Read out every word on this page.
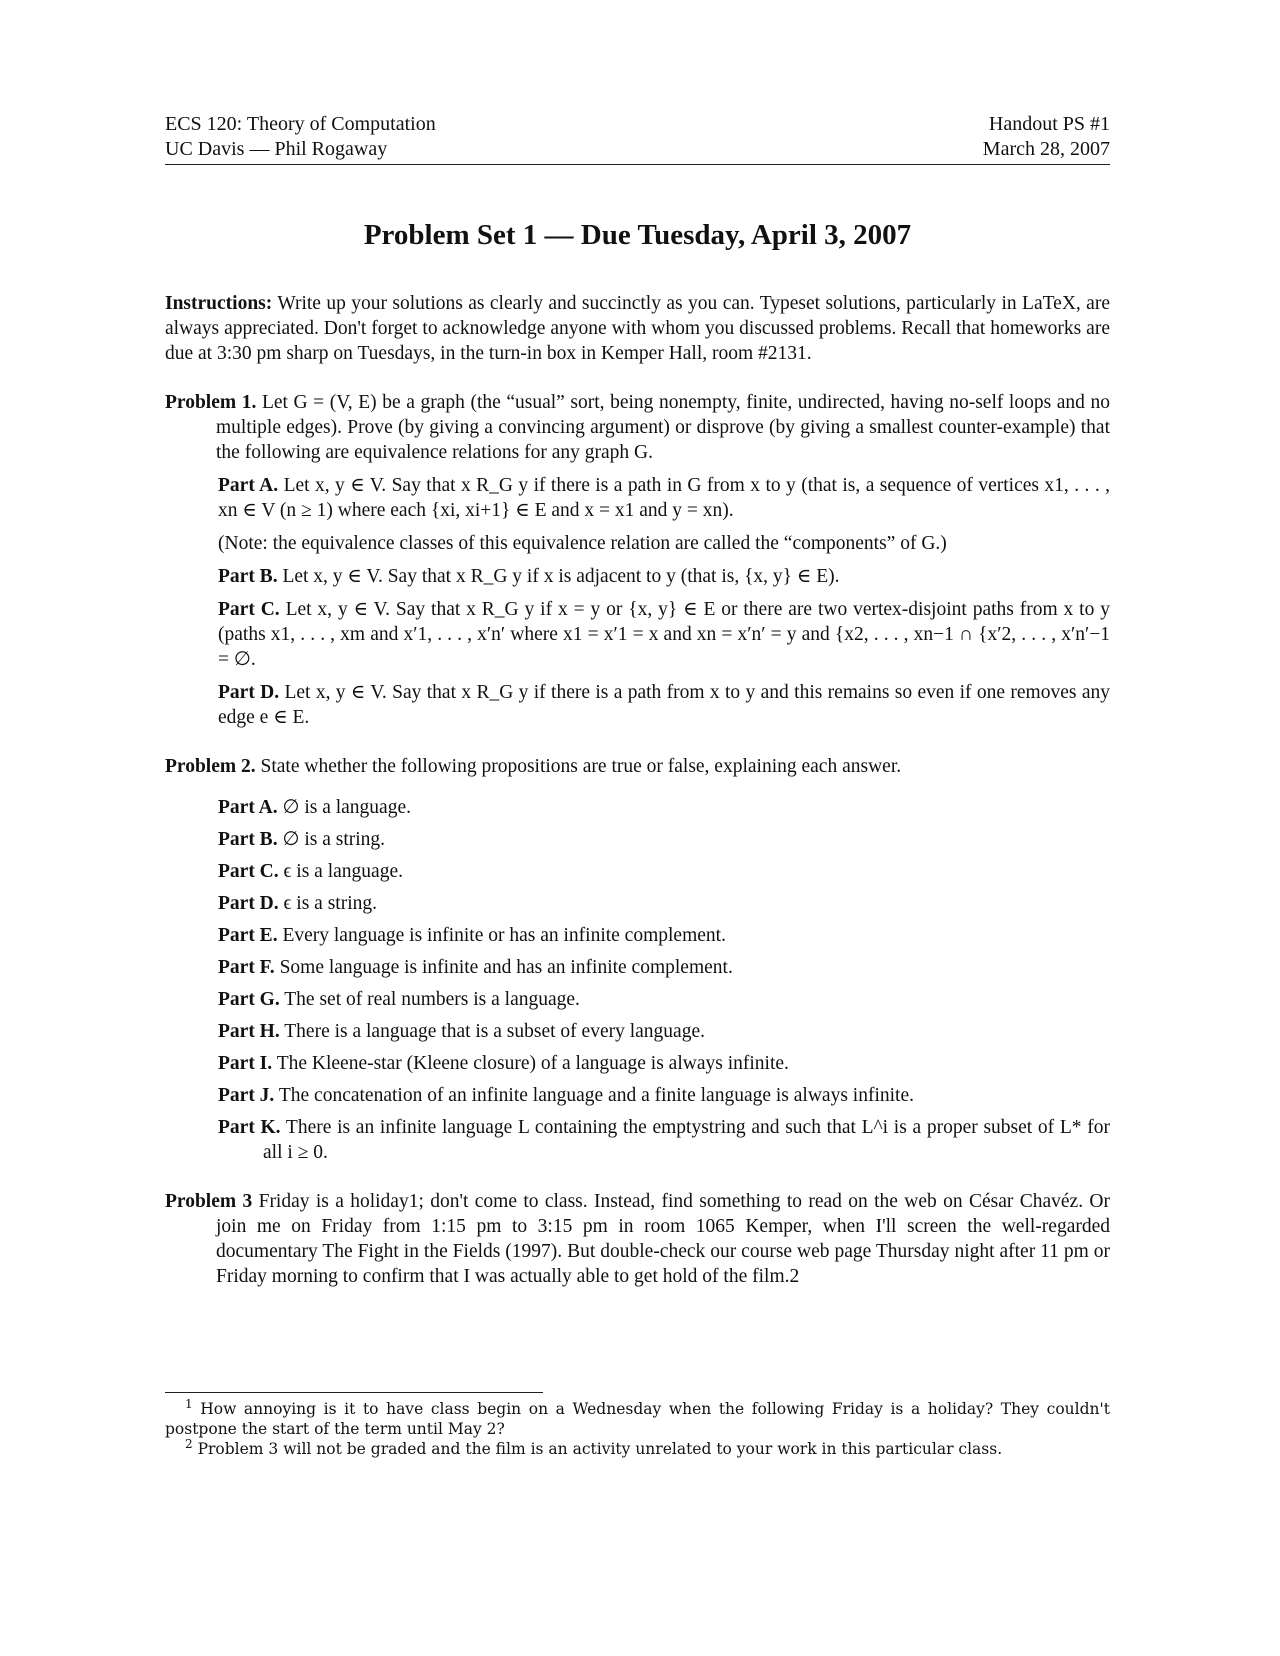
ECS 120: Theory of Computation
UC Davis — Phil Rogaway
Handout PS #1
March 28, 2007
Problem Set 1 — Due Tuesday, April 3, 2007
Instructions: Write up your solutions as clearly and succinctly as you can. Typeset solutions, particularly in LaTeX, are always appreciated. Don't forget to acknowledge anyone with whom you discussed problems. Recall that homeworks are due at 3:30 pm sharp on Tuesdays, in the turn-in box in Kemper Hall, room #2131.
Problem 1. Let G = (V, E) be a graph (the “usual” sort, being nonempty, finite, undirected, having no-self loops and no multiple edges). Prove (by giving a convincing argument) or disprove (by giving a smallest counter-example) that the following are equivalence relations for any graph G.
Part A. Let x, y ∈ V. Say that x R_G y if there is a path in G from x to y (that is, a sequence of vertices x1, . . . , xn ∈ V (n ≥ 1) where each {xi, xi+1} ∈ E and x = x1 and y = xn).
(Note: the equivalence classes of this equivalence relation are called the “components” of G.)
Part B. Let x, y ∈ V. Say that x R_G y if x is adjacent to y (that is, {x, y} ∈ E).
Part C. Let x, y ∈ V. Say that x R_G y if x = y or {x, y} ∈ E or there are two vertex-disjoint paths from x to y (paths x1, . . . , xm and x′1, . . . , x′n′ where x1 = x′1 = x and xn = x′n′ = y and {x2, . . . , xn−1 ∩ {x′2, . . . , x′n′−1 = ∅.
Part D. Let x, y ∈ V. Say that x R_G y if there is a path from x to y and this remains so even if one removes any edge e ∈ E.
Problem 2. State whether the following propositions are true or false, explaining each answer.
Part A. ∅ is a language.
Part B. ∅ is a string.
Part C. ϵ is a language.
Part D. ϵ is a string.
Part E. Every language is infinite or has an infinite complement.
Part F. Some language is infinite and has an infinite complement.
Part G. The set of real numbers is a language.
Part H. There is a language that is a subset of every language.
Part I. The Kleene-star (Kleene closure) of a language is always infinite.
Part J. The concatenation of an infinite language and a finite language is always infinite.
Part K. There is an infinite language L containing the emptystring and such that L^i is a proper subset of L* for all i ≥ 0.
Problem 3 Friday is a holiday1; don't come to class. Instead, find something to read on the web on César Chavéz. Or join me on Friday from 1:15 pm to 3:15 pm in room 1065 Kemper, when I'll screen the well-regarded documentary The Fight in the Fields (1997). But double-check our course web page Thursday night after 11 pm or Friday morning to confirm that I was actually able to get hold of the film.2
$^1$ How annoying is it to have class begin on a Wednesday when the following Friday is a holiday? They couldn't postpone the start of the term until May 2?
$^2$ Problem 3 will not be graded and the film is an activity unrelated to your work in this particular class.
